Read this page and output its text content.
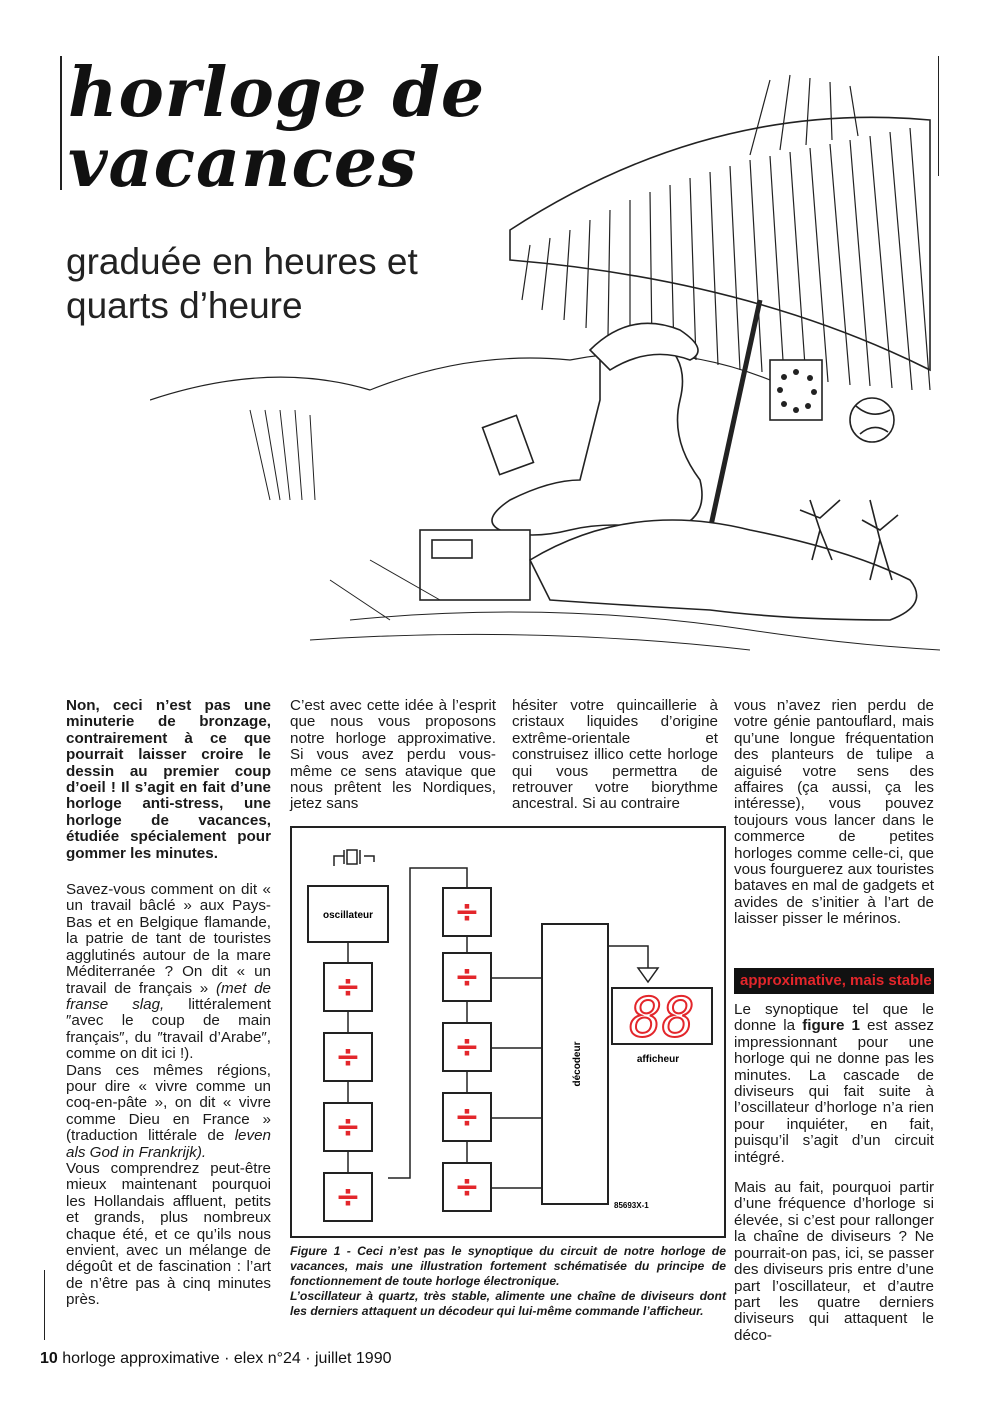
horloge de
vacances
graduée en heures et
quarts d’heure

Non, ceci n’est pas une minuterie de bronzage, contrairement à ce que pourrait laisser croire le dessin au premier coup d’oeil ! Il s’agit en fait d’une horloge anti-stress, une horloge de vacances, étudiée spécialement pour gommer les minutes.

Savez-vous comment on dit « un travail bâclé » aux Pays-Bas et en Belgique flamande, la patrie de tant de touristes agglutinés autour de la mare Méditerranée ? On dit « un travail de français » (met de franse slag, littéralement ″avec le coup de main français″, du ″travail d’Arabe″, comme on dit ici !).

Dans ces mêmes régions, pour dire « vivre comme un coq-en-pâte », on dit « vivre comme Dieu en France » (traduction littérale de leven als God in Frankrijk).

Vous comprendrez peut-être mieux maintenant pourquoi les Hollandais affluent, petits et grands, plus nombreux chaque été, et ce qu’ils nous envient, avec un mélange de dégoût et de fascination : l’art de n’être pas à cinq minutes près.

C’est avec cette idée à l’esprit que nous vous proposons notre horloge approximative. Si vous avez perdu vous-même ce sens atavique que nous prêtent les Nordiques, jetez sans

hésiter votre quincaillerie à cristaux liquides d’origine extrême-orientale et construisez illico cette horloge qui vous permettra de retrouver votre biorythme ancestral. Si au contraire

vous n’avez rien perdu de votre génie pantouflard, mais qu’une longue fréquentation des planteurs de tulipe a aiguisé votre sens des affaires (ça aussi, ça les intéresse), vous pouvez toujours vous lancer dans le commerce de petites horloges comme celle-ci, que vous fourguerez aux touristes bataves en mal de gadgets et avides de s’initier à l’art de laisser pisser le mérinos.

approximative, mais stable

Le synoptique tel que le donne la figure 1 est assez impressionnant pour une horloge qui ne donne pas les minutes. La cascade de diviseurs qui fait suite à l’oscillateur d’horloge n’a rien pour inquiéter, en fait, puisqu’il s’agit d’un circuit intégré.

Mais au fait, pourquoi partir d’une fréquence d’horloge si élevée, si c’est pour rallonger la chaîne de diviseurs ? Ne pourrait-on pas, ici, se passer des diviseurs pris entre d’une part l’oscillateur, et d’autre part les quatre derniers diviseurs qui attaquent le déco-

÷
÷
÷
÷
÷
÷
÷
÷
÷
oscillateur
décodeur
88
afficheur
85693X-1
Figure 1 - Ceci n’est pas le synoptique du circuit de notre horloge de vacances, mais une illustration fortement schématisée du principe de fonctionnement de toute horloge électronique.
L’oscillateur à quartz, très stable, alimente une chaîne de diviseurs dont les derniers attaquent un décodeur qui lui-même commande l’afficheur.
10 horloge approximative · elex n°24 · juillet 1990
